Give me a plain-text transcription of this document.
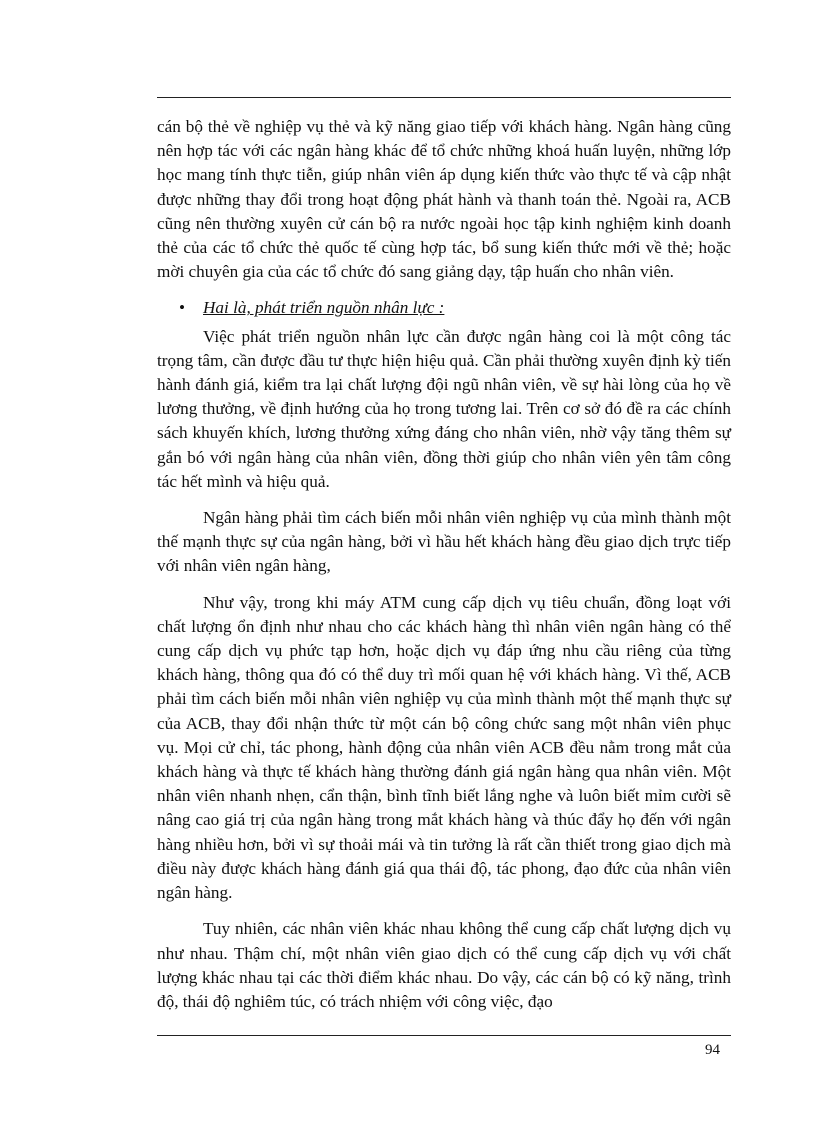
cán bộ thẻ về nghiệp vụ thẻ và kỹ năng giao tiếp với khách hàng. Ngân hàng cũng nên hợp tác với các ngân hàng khác để tổ chức những khoá huấn luyện, những lớp học mang tính thực tiễn, giúp nhân viên áp dụng kiến thức vào thực tế và cập nhật được những thay đổi trong hoạt động phát hành và thanh toán thẻ. Ngoài ra, ACB cũng nên thường xuyên cử cán bộ ra nước ngoài học tập kinh nghiệm kinh doanh thẻ của các tổ chức thẻ quốc tế cùng hợp tác, bổ sung kiến thức mới về thẻ; hoặc mời chuyên gia của các tổ chức đó sang giảng dạy, tập huấn cho nhân viên.

• Hai là, phát triển nguồn nhân lực :

Việc phát triển nguồn nhân lực cần được ngân hàng coi là một công tác trọng tâm, cần được đầu tư thực hiện hiệu quả. Cần phải thường xuyên định kỳ tiến hành đánh giá, kiểm tra lại chất lượng đội ngũ nhân viên, về sự hài lòng của họ về lương thưởng, về định hướng của họ trong tương lai. Trên cơ sở đó đề ra các chính sách khuyến khích, lương thưởng xứng đáng cho nhân viên, nhờ vậy tăng thêm sự gắn bó với ngân hàng của nhân viên, đồng thời giúp cho nhân viên yên tâm công tác hết mình và hiệu quả.

Ngân hàng phải tìm cách biến mỗi nhân viên nghiệp vụ của mình thành một thế mạnh thực sự của ngân hàng, bởi vì hầu hết khách hàng đều giao dịch trực tiếp với nhân viên ngân hàng,

Như vậy, trong khi máy ATM cung cấp dịch vụ tiêu chuẩn, đồng loạt với chất lượng ổn định như nhau cho các khách hàng thì nhân viên ngân hàng có thể cung cấp dịch vụ phức tạp hơn, hoặc dịch vụ đáp ứng nhu cầu riêng của từng khách hàng, thông qua đó có thể duy trì mối quan hệ với khách hàng. Vì thế, ACB phải tìm cách biến mỗi nhân viên nghiệp vụ của mình thành một thế mạnh thực sự của ACB, thay đổi nhận thức từ một cán bộ công chức sang một nhân viên phục vụ. Mọi cử chỉ, tác phong, hành động của nhân viên ACB đều nằm trong mắt của khách hàng và thực tế khách hàng thường đánh giá ngân hàng qua nhân viên. Một nhân viên nhanh nhẹn, cẩn thận, bình tĩnh biết lắng nghe và luôn biết mỉm cười sẽ nâng cao giá trị của ngân hàng trong mắt khách hàng và thúc đẩy họ đến với ngân hàng nhiều hơn, bởi vì sự thoải mái và tin tưởng là rất cần thiết trong giao dịch mà điều này được khách hàng đánh giá qua thái độ, tác phong, đạo đức của nhân viên ngân hàng.

Tuy nhiên, các nhân viên khác nhau không thể cung cấp chất lượng dịch vụ như nhau. Thậm chí, một nhân viên giao dịch có thể cung cấp dịch vụ với chất lượng khác nhau tại các thời điểm khác nhau. Do vậy, các cán bộ có kỹ năng, trình độ, thái độ nghiêm túc, có trách nhiệm với công việc, đạo

94
